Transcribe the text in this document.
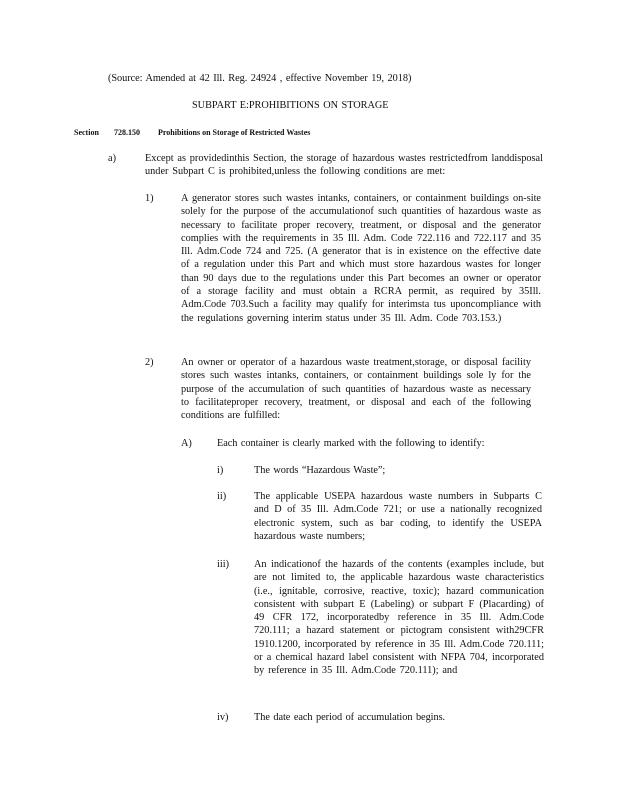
(Source: Amended at 42 Ill. Reg. 24924 , effective November 19, 2018)
SUBPART E:PROHIBITIONS ON STORAGE
Section 728.150 Prohibitions on Storage of Restricted Wastes
a)	Except as providedinthis Section, the storage of hazardous wastes restrictedfrom landdisposal under Subpart C is prohibited,unless the following conditions are met:
1)	A generator stores such wastes intanks, containers, or containment buildings on-site solely for the purpose of the accumulationof such quantities of hazardous waste as necessary to facilitate proper recovery, treatment, or disposal and the generator complies with the requirements in 35 Ill. Adm. Code 722.116 and 722.117 and 35 Ill. Adm.Code 724 and 725. (A generator that is in existence on the effective date of a regulation under this Part and which must store hazardous wastes for longer than 90 days due to the regulations under this Part becomes an owner or operator of a storage facility and must obtain a RCRA permit, as required by 35Ill. Adm.Code 703.Such a facility may qualify for interimsta tus uponcompliance with the regulations governing interim status under 35 Ill. Adm. Code 703.153.)
2)	An owner or operator of a hazardous waste treatment,storage, or disposal facility stores such wastes intanks, containers, or containment buildings sole ly for the purpose of the accumulation of such quantities of hazardous waste as necessary to facilitateproper recovery, treatment, or disposal and each of the following conditions are fulfilled:
A) Each container is clearly marked with the following to identify:
i)	The words “Hazardous Waste”;
ii)	The applicable USEPA hazardous waste numbers in Subparts C and D of 35 Ill. Adm.Code 721; or use a nationally recognized electronic system, such as bar coding, to identify the USEPA hazardous waste numbers;
iii) An indicationof the hazards of the contents (examples include, but are not limited to, the applicable hazardous waste characteristics (i.e., ignitable, corrosive, reactive, toxic); hazard communication consistent with subpart E (Labeling) or subpart F (Placarding) of 49 CFR 172, incorporatedby reference in 35 Ill. Adm.Code 720.111; a hazard statement or pictogram consistent with29CFR 1910.1200, incorporated by reference in 35 Ill. Adm.Code 720.111; or a chemical hazard label consistent with NFPA 704, incorporated by reference in 35 Ill. Adm.Code 720.111); and
iv) The date each period of accumulation begins.
